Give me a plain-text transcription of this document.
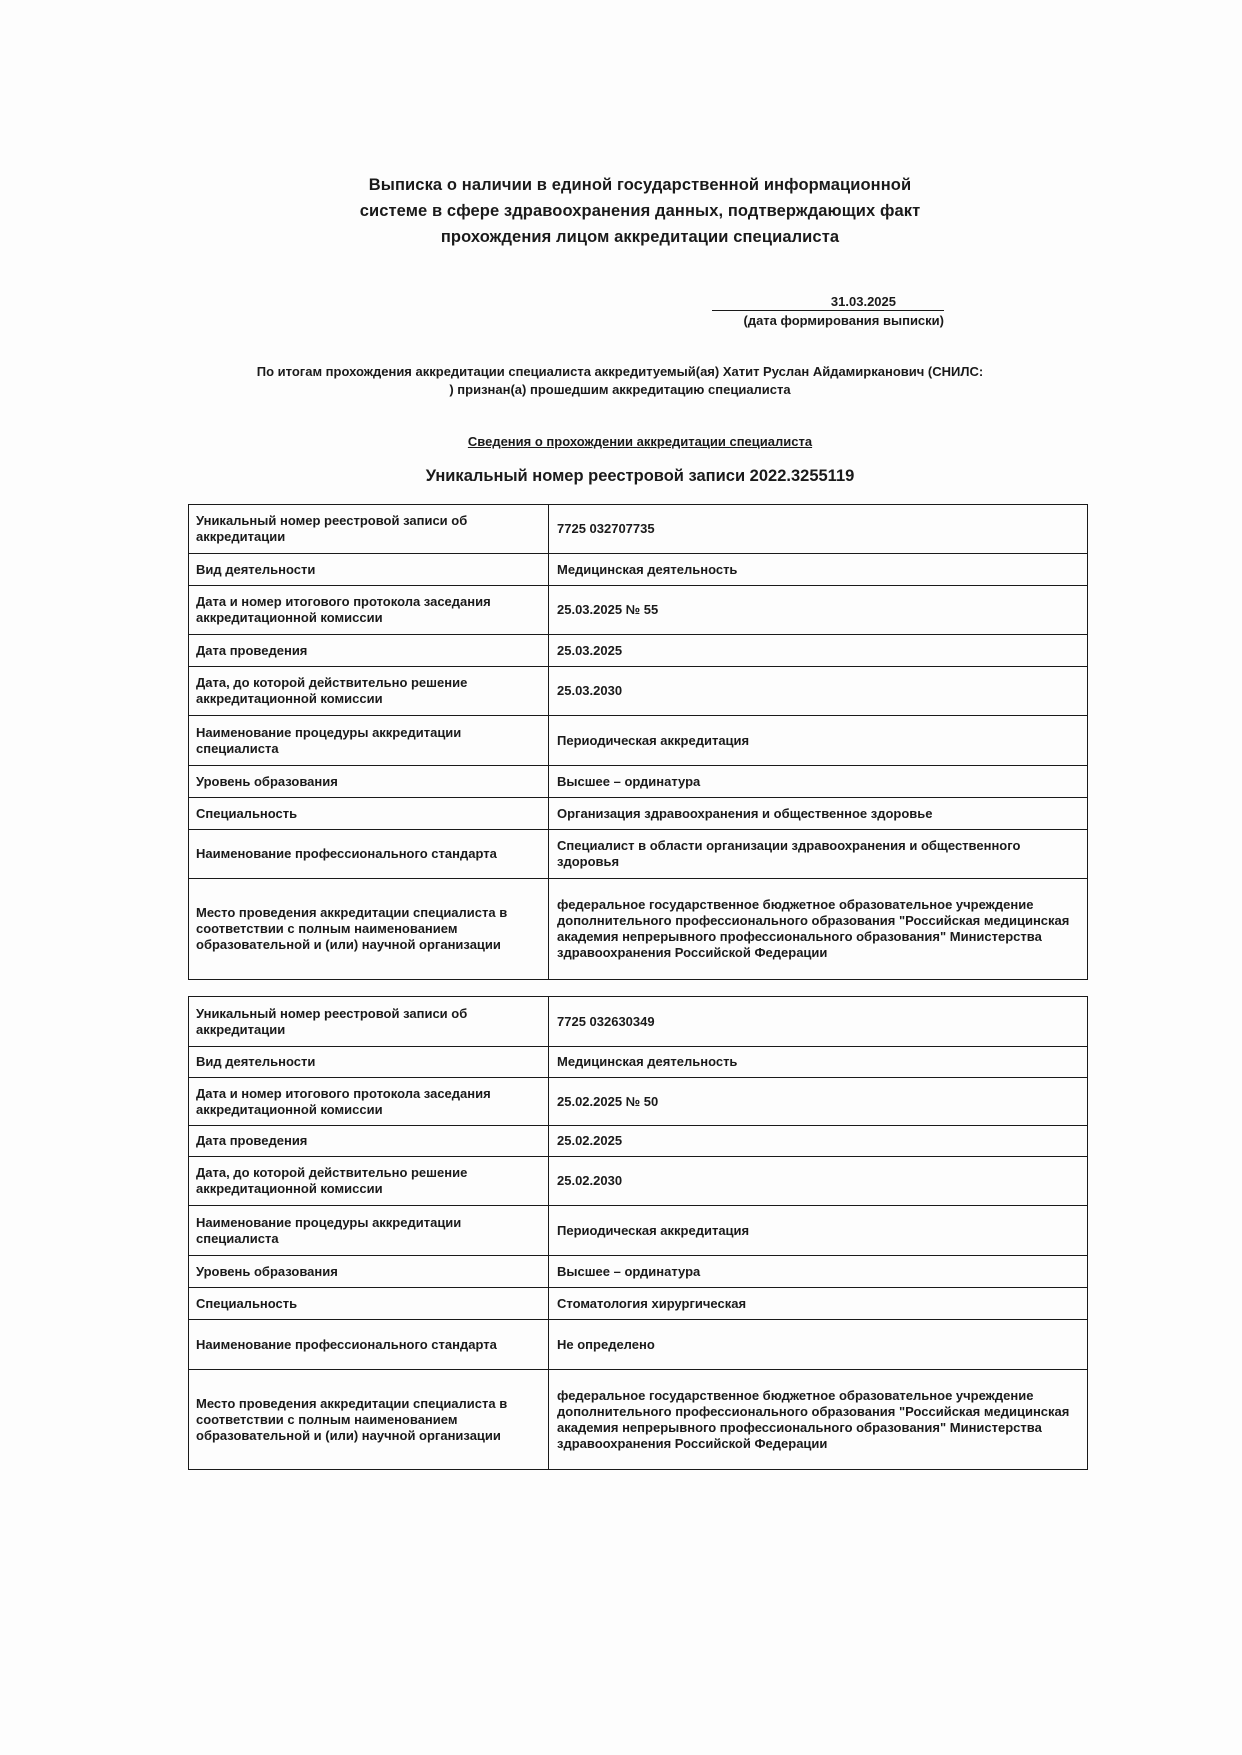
Выписка о наличии в единой государственной информационной
системе в сфере здравоохранения данных, подтверждающих факт
прохождения лицом аккредитации специалиста
31.03.2025
(дата формирования выписки)
По итогам прохождения аккредитации специалиста аккредитуемый(ая) Хатит Руслан Айдамирканович (СНИЛС:
) признан(а) прошедшим аккредитацию специалиста
Сведения о прохождении аккредитации специалиста
Уникальный номер реестровой записи 2022.3255119
Уникальный номер реестровой записи об аккредитации	7725 032707735
Вид деятельности	Медицинская деятельность
Дата и номер итогового протокола заседания аккредитационной комиссии	25.03.2025 № 55
Дата проведения	25.03.2025
Дата, до которой действительно решение аккредитационной комиссии	25.03.2030
Наименование процедуры аккредитации специалиста	Периодическая аккредитация
Уровень образования	Высшее – ординатура
Специальность	Организация здравоохранения и общественное здоровье
Наименование профессионального стандарта	Специалист в области организации здравоохранения и общественного здоровья
Место проведения аккредитации специалиста в соответствии с полным наименованием образовательной и (или) научной организации	федеральное государственное бюджетное образовательное учреждение дополнительного профессионального образования "Российская медицинская академия непрерывного профессионального образования" Министерства здравоохранения Российской Федерации
Уникальный номер реестровой записи об аккредитации	7725 032630349
Вид деятельности	Медицинская деятельность
Дата и номер итогового протокола заседания аккредитационной комиссии	25.02.2025 № 50
Дата проведения	25.02.2025
Дата, до которой действительно решение аккредитационной комиссии	25.02.2030
Наименование процедуры аккредитации специалиста	Периодическая аккредитация
Уровень образования	Высшее – ординатура
Специальность	Стоматология хирургическая
Наименование профессионального стандарта	Не определено
Место проведения аккредитации специалиста в соответствии с полным наименованием образовательной и (или) научной организации	федеральное государственное бюджетное образовательное учреждение дополнительного профессионального образования "Российская медицинская академия непрерывного профессионального образования" Министерства здравоохранения Российской Федерации
